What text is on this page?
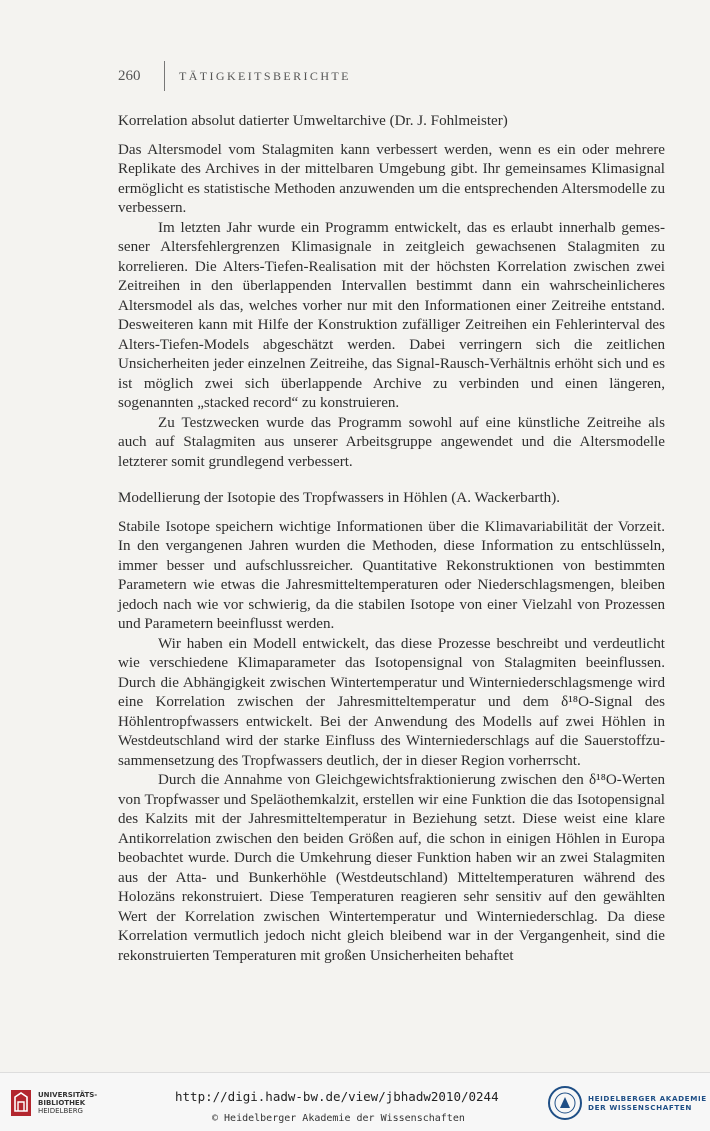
260	TÄTIGKEITSBERICHTE
Korrelation absolut datierter Umweltarchive (Dr. J. Fohlmeister)

Das Altersmodel vom Stalagmiten kann verbessert werden, wenn es ein oder mehrere Replikate des Archives in der mittelbaren Umgebung gibt. Ihr gemeinsames Klimasignal ermöglicht es statistische Methoden anzuwenden um die entsprechenden Altersmodelle zu verbessern.

Im letzten Jahr wurde ein Programm entwickelt, das es erlaubt innerhalb gemessener Altersfehlergrenzen Klimasignale in zeitgleich gewachsenen Stalagmiten zu korrelieren. Die Alters-Tiefen-Realisation mit der höchsten Korrelation zwischen zwei Zeitreihen in den überlappenden Intervallen bestimmt dann ein wahrscheinlicheres Altersmodel als das, welches vorher nur mit den Informationen einer Zeitreihe entstand. Desweiteren kann mit Hilfe der Konstruktion zufälliger Zeitreihen ein Fehlerinterval des Alters-Tiefen-Models abgeschätzt werden. Dabei verringern sich die zeitlichen Unsicherheiten jeder einzelnen Zeitreihe, das Signal-Rausch-Verhältnis erhöht sich und es ist möglich zwei sich überlappende Archive zu verbinden und einen längeren, sogenannten „stacked record“ zu konstruieren.

Zu Testzwecken wurde das Programm sowohl auf eine künstliche Zeitreihe als auch auf Stalagmiten aus unserer Arbeitsgruppe angewendet und die Altersmodelle letzterer somit grundlegend verbessert.

Modellierung der Isotopie des Tropfwassers in Höhlen (A. Wackerbarth).

Stabile Isotope speichern wichtige Informationen über die Klimavariabilität der Vorzeit. In den vergangenen Jahren wurden die Methoden, diese Information zu entschlüsseln, immer besser und aufschlussreicher. Quantitative Rekonstruktionen von bestimmten Parametern wie etwas die Jahresmitteltemperaturen oder Niederschlagsmengen, bleiben jedoch nach wie vor schwierig, da die stabilen Isotope von einer Vielzahl von Prozessen und Parametern beeinflusst werden.

Wir haben ein Modell entwickelt, das diese Prozesse beschreibt und verdeutlicht wie verschiedene Klimaparameter das Isotopensignal von Stalagmiten beeinflussen. Durch die Abhängigkeit zwischen Wintertemperatur und Winterniederschlagsmenge wird eine Korrelation zwischen der Jahresmitteltemperatur und dem δ¹⁸O-Signal des Höhlentropfwassers entwickelt. Bei der Anwendung des Modells auf zwei Höhlen in Westdeutschland wird der starke Einfluss des Winterniederschlags auf die Sauerstoffzusammensetzung des Tropfwassers deutlich, der in dieser Region vorherrscht.

Durch die Annahme von Gleichgewichtsfraktionierung zwischen den δ¹⁸O-Werten von Tropfwasser und Speläothemkalzit, erstellen wir eine Funktion die das Isotopensignal des Kalzits mit der Jahresmitteltemperatur in Beziehung setzt. Diese weist eine klare Antikorrelation zwischen den beiden Größen auf, die schon in einigen Höhlen in Europa beobachtet wurde. Durch die Umkehrung dieser Funktion haben wir an zwei Stalagmiten aus der Atta- und Bunkerhöhle (Westdeutschland) Mitteltemperaturen während des Holozäns rekonstruiert. Diese Temperaturen reagieren sehr sensitiv auf den gewählten Wert der Korrelation zwischen Wintertemperatur und Winterniederschlag. Da diese Korrelation vermutlich jedoch nicht gleich bleibend war in der Vergangenheit, sind die rekonstruierten Temperaturen mit großen Unsicherheiten behaftet

UNIVERSITÄTS-
BIBLIOTHEK
HEIDELBERG
http://digi.hadw-bw.de/view/jbhadw2010/0244
© Heidelberger Akademie der Wissenschaften
HEIDELBERGER AKADEMIE
DER WISSENSCHAFTEN
